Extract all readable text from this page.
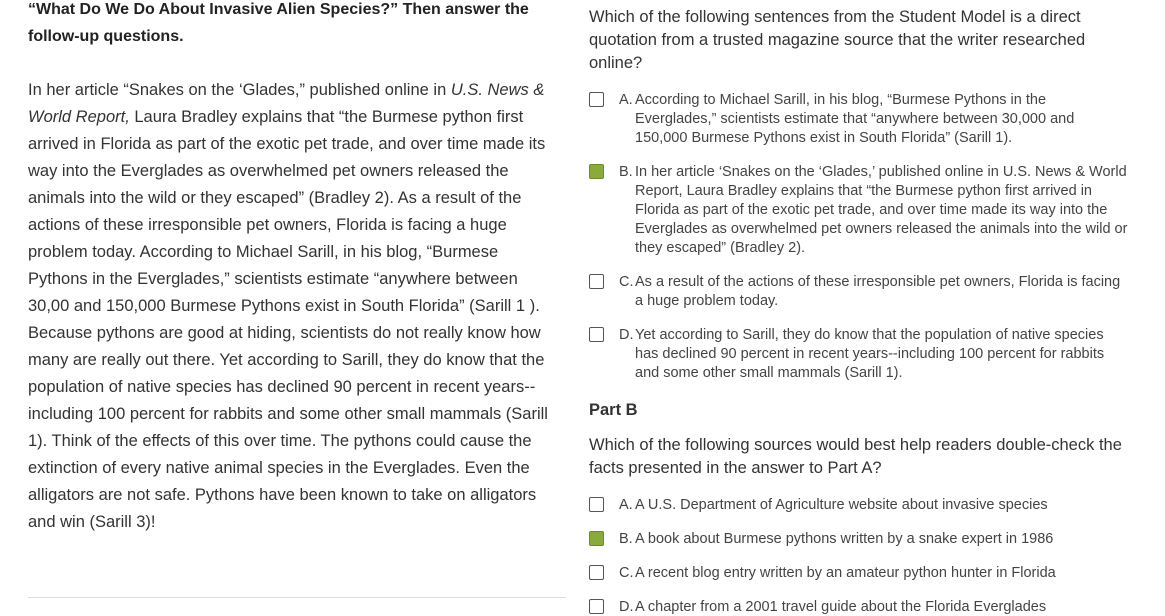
“What Do We Do About Invasive Alien Species?” Then answer the follow-up questions.
In her article “Snakes on the ‘Glades,” published online in U.S. News & World Report, Laura Bradley explains that “the Burmese python first arrived in Florida as part of the exotic pet trade, and over time made its way into the Everglades as overwhelmed pet owners released the animals into the wild or they escaped” (Bradley 2). As a result of the actions of these irresponsible pet owners, Florida is facing a huge problem today. According to Michael Sarill, in his blog, “Burmese Pythons in the Everglades,” scientists estimate “anywhere between 30,00 and 150,000 Burmese Pythons exist in South Florida” (Sarill 1 ). Because pythons are good at hiding, scientists do not really know how many are really out there. Yet according to Sarill, they do know that the population of native species has declined 90 percent in recent years--including 100 percent for rabbits and some other small mammals (Sarill 1). Think of the effects of this over time. The pythons could cause the extinction of every native animal species in the Everglades. Even the alligators are not safe. Pythons have been known to take on alligators and win (Sarill 3)!
Which of the following sentences from the Student Model is a direct quotation from a trusted magazine source that the writer researched online?
A. According to Michael Sarill, in his blog, “Burmese Pythons in the Everglades,” scientists estimate that “anywhere between 30,000 and 150,000 Burmese Pythons exist in South Florida” (Sarill 1).
B. In her article ‘Snakes on the ‘Glades,’ published online in U.S. News & World Report, Laura Bradley explains that “the Burmese python first arrived in Florida as part of the exotic pet trade, and over time made its way into the Everglades as overwhelmed pet owners released the animals into the wild or they escaped” (Bradley 2).
C. As a result of the actions of these irresponsible pet owners, Florida is facing a huge problem today.
D. Yet according to Sarill, they do know that the population of native species has declined 90 percent in recent years--including 100 percent for rabbits and some other small mammals (Sarill 1).
Part B
Which of the following sources would best help readers double-check the facts presented in the answer to Part A?
A. A U.S. Department of Agriculture website about invasive species
B. A book about Burmese pythons written by a snake expert in 1986
C. A recent blog entry written by an amateur python hunter in Florida
D. A chapter from a 2001 travel guide about the Florida Everglades
